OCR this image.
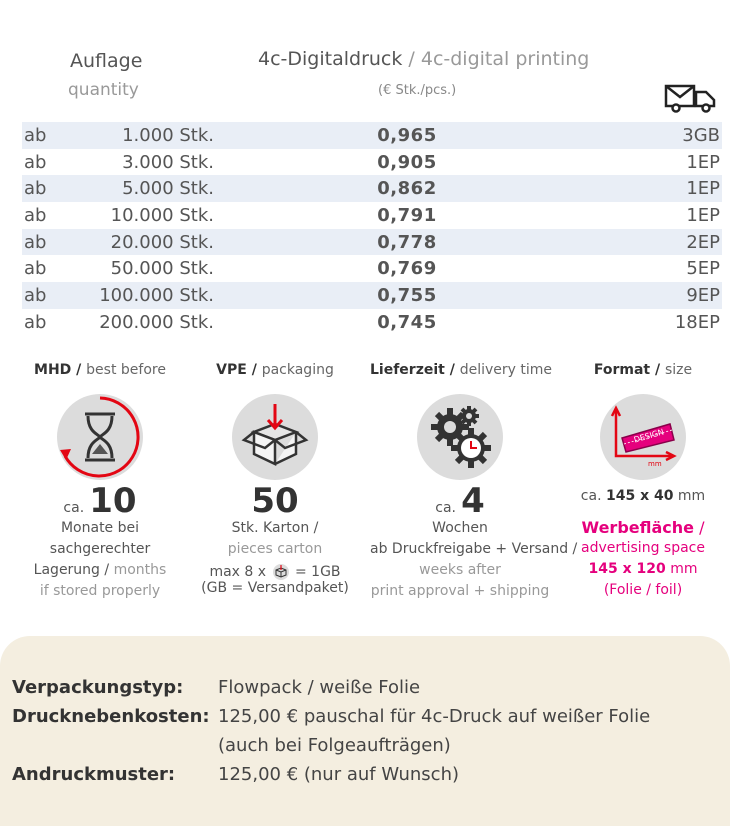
Auflage
quantity
4c-Digitaldruck / 4c-digital printing
(€ Stk./pcs.)
ab	1.000 Stk.	0,965	3GB
ab	3.000 Stk.	0,905	1EP
ab	5.000 Stk.	0,862	1EP
ab	10.000 Stk.	0,791	1EP
ab	20.000 Stk.	0,778	2EP
ab	50.000 Stk.	0,769	5EP
ab	100.000 Stk.	0,755	9EP
ab	200.000 Stk.	0,745	18EP
MHD / best before
ca. 10
Monate bei
sachgerechter
Lagerung / months
if stored properly
VPE / packaging
50
Stk. Karton /
pieces carton
max 8 x = 1GB
(GB = Versandpaket)
Lieferzeit / delivery time
ca. 4
Wochen
ab Druckfreigabe + Versand /
weeks after
print approval + shipping
Format / size
DESIGN
mm
ca. 145 x 40 mm
Werbefläche /
advertising space
145 x 120 mm
(Folie / foil)
Verpackungstyp: Flowpack / weiße Folie
Drucknebenkosten: 125,00 € pauschal für 4c-Druck auf weißer Folie
(auch bei Folgeaufträgen)
Andruckmuster: 125,00 € (nur auf Wunsch)
